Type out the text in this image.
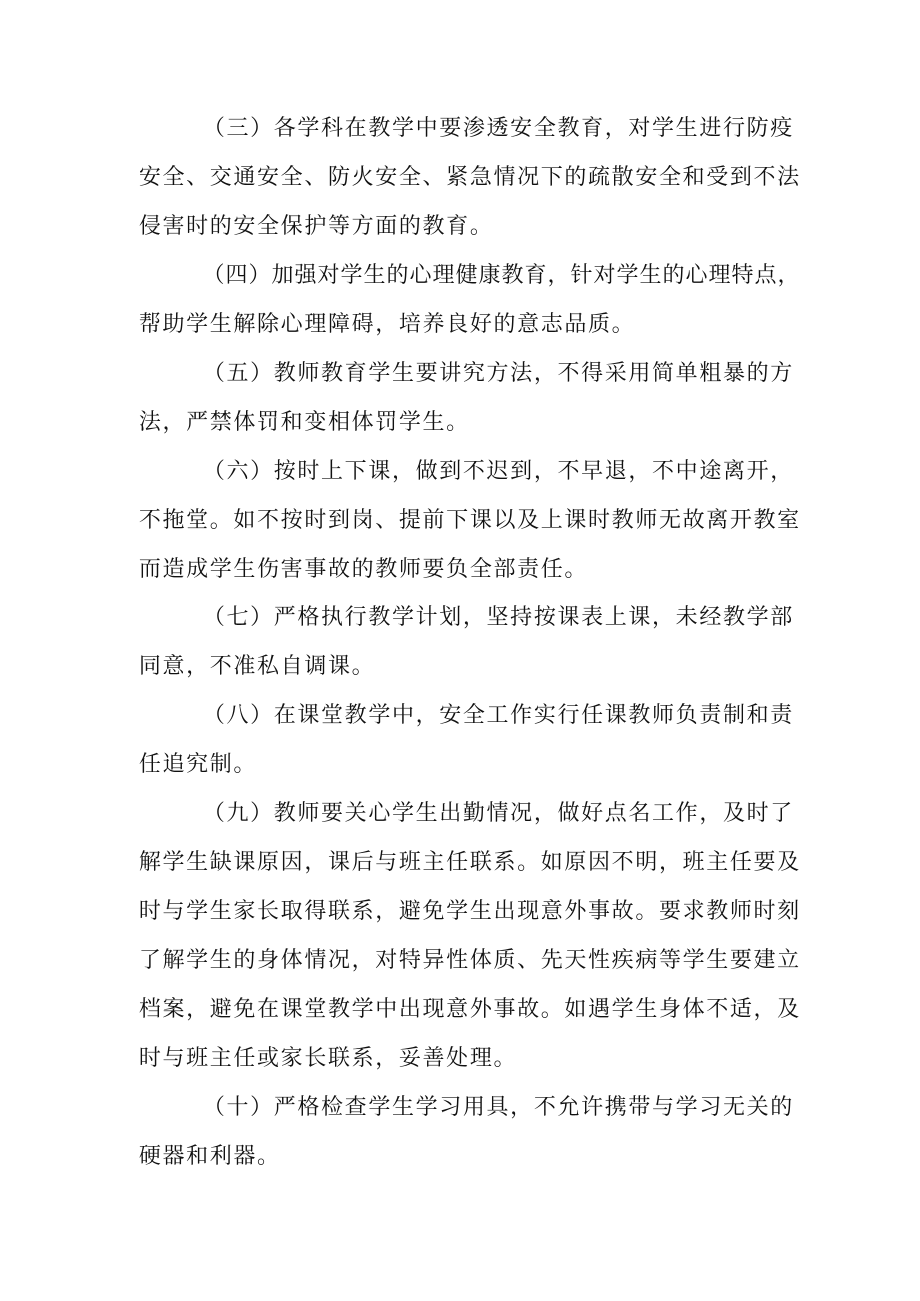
（ 三 ） 各 学 科 在 教 学 中 要 渗 透 安 全 教 育 ， 对 学 生 进 行 防 疫
安 全 、 交 通 安 全 、 防 火 安 全 、 紧 急 情 况 下 的 疏 散 安 全 和 受 到 不 法
侵 害 时 的 安 全 保 护 等 方 面 的 教 育 。
（ 四 ） 加 强 对 学 生 的 心 理 健 康 教 育 ， 针 对 学 生 的 心 理 特 点 ，
帮 助 学 生 解 除 心 理 障 碍 ， 培 养 良 好 的 意 志 品 质 。
（ 五 ） 教 师 教 育 学 生 要 讲 究 方 法 ， 不 得 采 用 简 单 粗 暴 的 方
法 ， 严 禁 体 罚 和 变 相 体 罚 学 生 。
（ 六 ） 按 时 上 下 课 ， 做 到 不 迟 到 ， 不 早 退 ， 不 中 途 离 开 ，
不 拖 堂 。 如 不 按 时 到 岗 、 提 前 下 课 以 及 上 课 时 教 师 无 故 离 开 教 室
而 造 成 学 生 伤 害 事 故 的 教 师 要 负 全 部 责 任 。
（ 七 ） 严 格 执 行 教 学 计 划 ， 坚 持 按 课 表 上 课 ， 未 经 教 学 部
同 意 ， 不 准 私 自 调 课 。
（ 八 ） 在 课 堂 教 学 中 ， 安 全 工 作 实 行 任 课 教 师 负 责 制 和 责
任 追 究 制 。
（ 九 ） 教 师 要 关 心 学 生 出 勤 情 况 ， 做 好 点 名 工 作 ， 及 时 了
解 学 生 缺 课 原 因 ， 课 后 与 班 主 任 联 系 。 如 原 因 不 明 ， 班 主 任 要 及
时 与 学 生 家 长 取 得 联 系 ， 避 免 学 生 出 现 意 外 事 故 。 要 求 教 师 时 刻
了 解 学 生 的 身 体 情 况 ， 对 特 异 性 体 质 、 先 天 性 疾 病 等 学 生 要 建 立
档 案 ， 避 免 在 课 堂 教 学 中 出 现 意 外 事 故 。 如 遇 学 生 身 体 不 适 ， 及
时 与 班 主 任 或 家 长 联 系 ， 妥 善 处 理 。
（ 十 ） 严 格 检 查 学 生 学 习 用 具 ， 不 允 许 携 带 与 学 习 无 关 的
硬 器 和 利 器 。
